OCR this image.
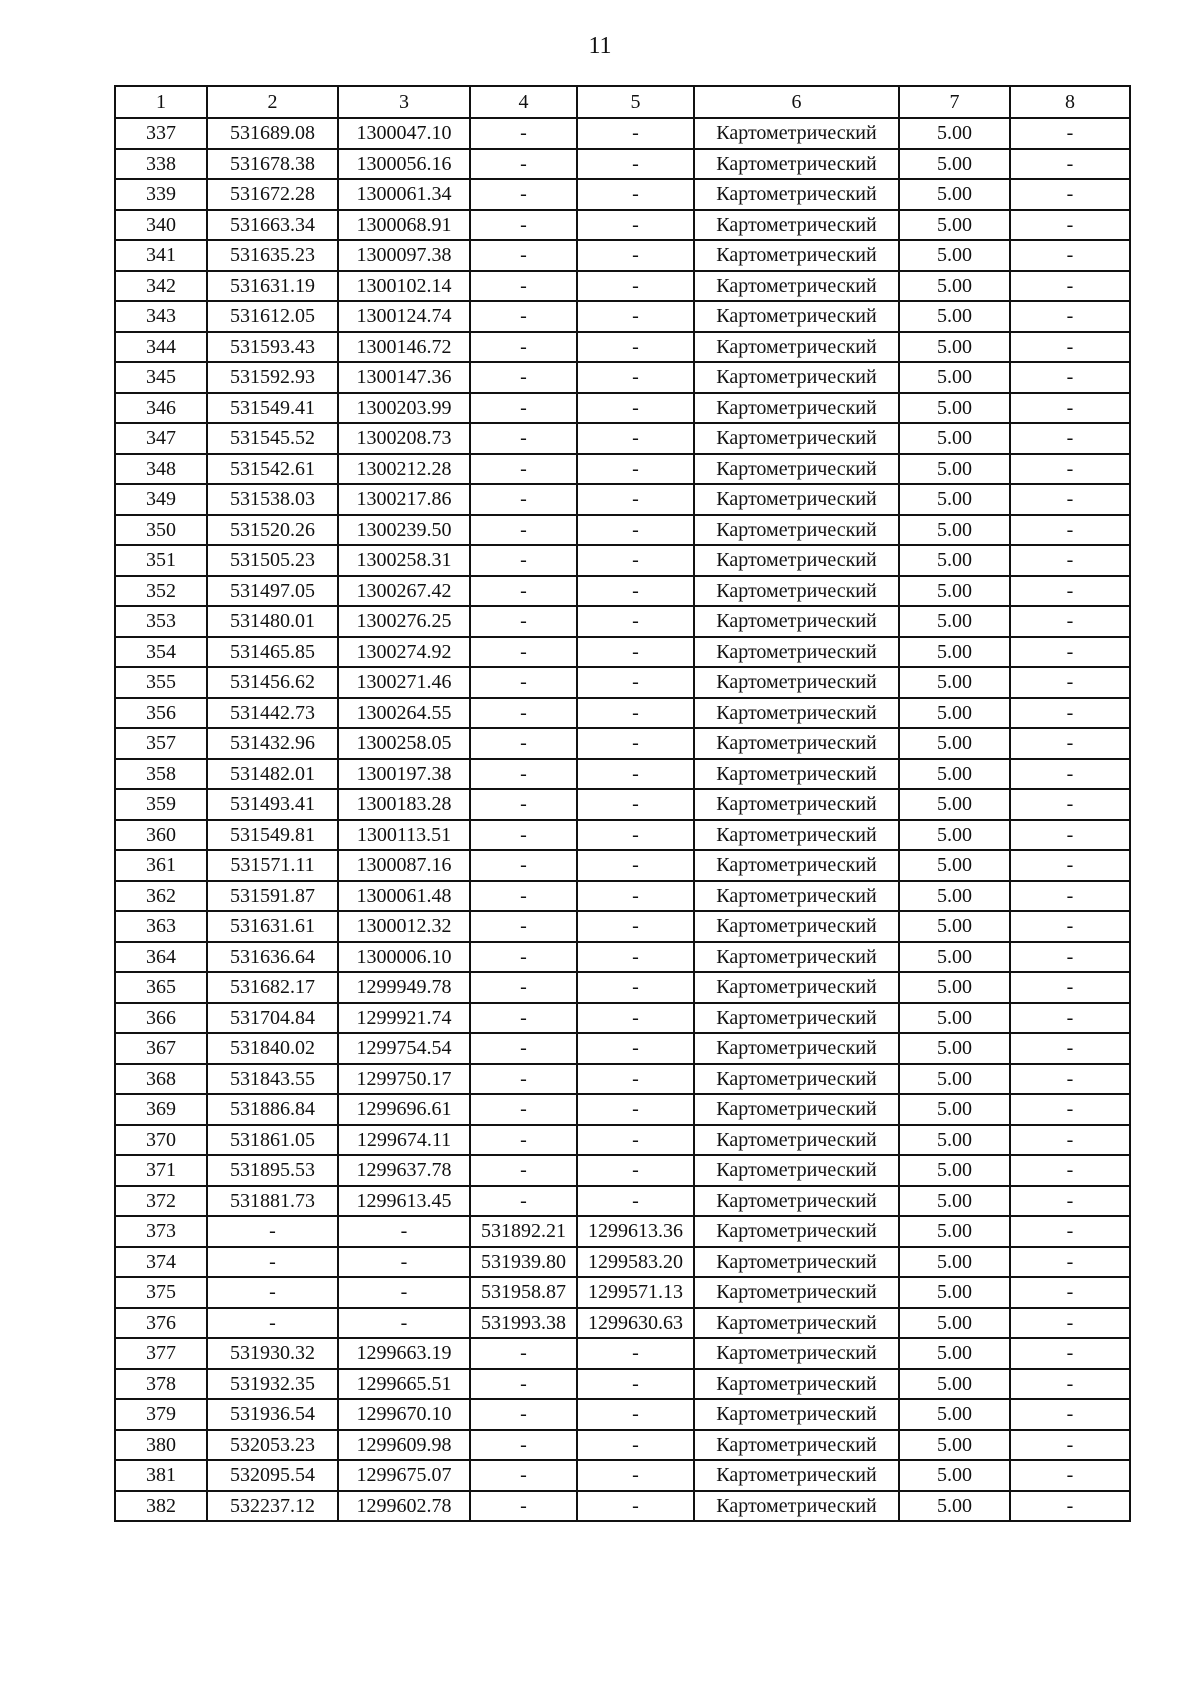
11
1	2	3	4	5	6	7	8
337	531689.08	1300047.10	-	-	Картометрический	5.00	-
338	531678.38	1300056.16	-	-	Картометрический	5.00	-
339	531672.28	1300061.34	-	-	Картометрический	5.00	-
340	531663.34	1300068.91	-	-	Картометрический	5.00	-
341	531635.23	1300097.38	-	-	Картометрический	5.00	-
342	531631.19	1300102.14	-	-	Картометрический	5.00	-
343	531612.05	1300124.74	-	-	Картометрический	5.00	-
344	531593.43	1300146.72	-	-	Картометрический	5.00	-
345	531592.93	1300147.36	-	-	Картометрический	5.00	-
346	531549.41	1300203.99	-	-	Картометрический	5.00	-
347	531545.52	1300208.73	-	-	Картометрический	5.00	-
348	531542.61	1300212.28	-	-	Картометрический	5.00	-
349	531538.03	1300217.86	-	-	Картометрический	5.00	-
350	531520.26	1300239.50	-	-	Картометрический	5.00	-
351	531505.23	1300258.31	-	-	Картометрический	5.00	-
352	531497.05	1300267.42	-	-	Картометрический	5.00	-
353	531480.01	1300276.25	-	-	Картометрический	5.00	-
354	531465.85	1300274.92	-	-	Картометрический	5.00	-
355	531456.62	1300271.46	-	-	Картометрический	5.00	-
356	531442.73	1300264.55	-	-	Картометрический	5.00	-
357	531432.96	1300258.05	-	-	Картометрический	5.00	-
358	531482.01	1300197.38	-	-	Картометрический	5.00	-
359	531493.41	1300183.28	-	-	Картометрический	5.00	-
360	531549.81	1300113.51	-	-	Картометрический	5.00	-
361	531571.11	1300087.16	-	-	Картометрический	5.00	-
362	531591.87	1300061.48	-	-	Картометрический	5.00	-
363	531631.61	1300012.32	-	-	Картометрический	5.00	-
364	531636.64	1300006.10	-	-	Картометрический	5.00	-
365	531682.17	1299949.78	-	-	Картометрический	5.00	-
366	531704.84	1299921.74	-	-	Картометрический	5.00	-
367	531840.02	1299754.54	-	-	Картометрический	5.00	-
368	531843.55	1299750.17	-	-	Картометрический	5.00	-
369	531886.84	1299696.61	-	-	Картометрический	5.00	-
370	531861.05	1299674.11	-	-	Картометрический	5.00	-
371	531895.53	1299637.78	-	-	Картометрический	5.00	-
372	531881.73	1299613.45	-	-	Картометрический	5.00	-
373	-	-	531892.21	1299613.36	Картометрический	5.00	-
374	-	-	531939.80	1299583.20	Картометрический	5.00	-
375	-	-	531958.87	1299571.13	Картометрический	5.00	-
376	-	-	531993.38	1299630.63	Картометрический	5.00	-
377	531930.32	1299663.19	-	-	Картометрический	5.00	-
378	531932.35	1299665.51	-	-	Картометрический	5.00	-
379	531936.54	1299670.10	-	-	Картометрический	5.00	-
380	532053.23	1299609.98	-	-	Картометрический	5.00	-
381	532095.54	1299675.07	-	-	Картометрический	5.00	-
382	532237.12	1299602.78	-	-	Картометрический	5.00	-
